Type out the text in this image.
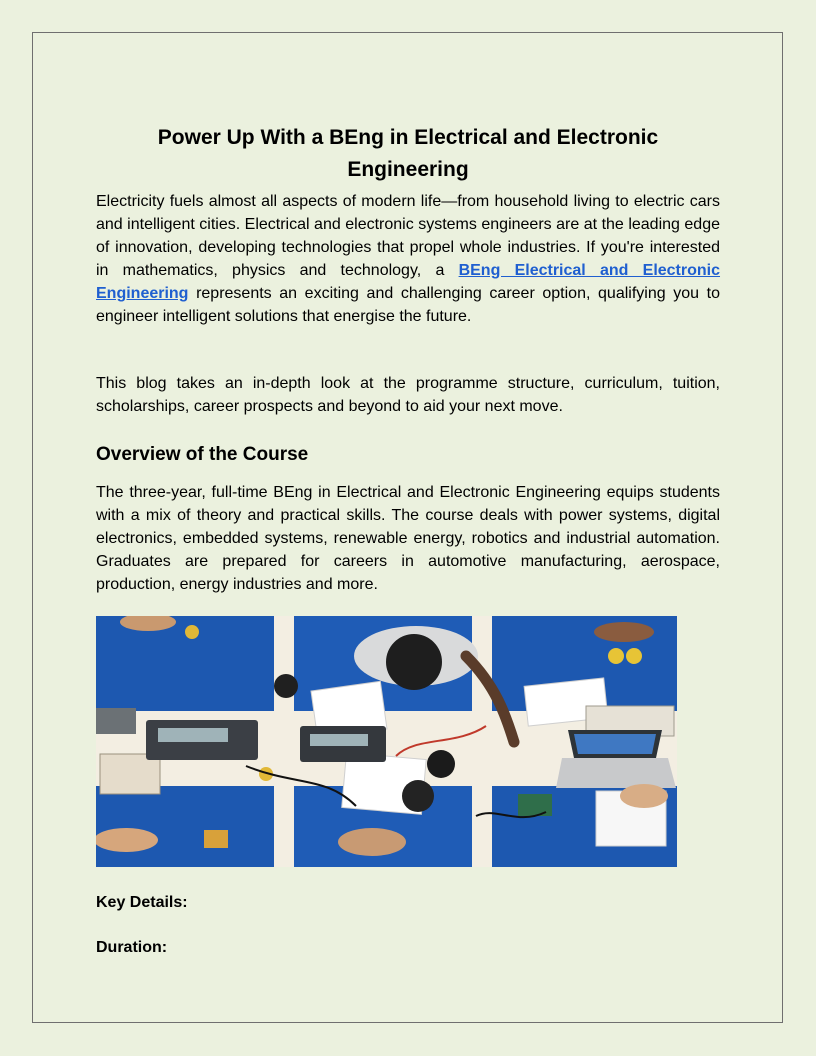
Power Up With a BEng in Electrical and Electronic Engineering

Electricity fuels almost all aspects of modern life—from household living to electric cars and intelligent cities. Electrical and electronic systems engineers are at the leading edge of innovation, developing technologies that propel whole industries. If you're interested in mathematics, physics and technology, a BEng Electrical and Electronic Engineering represents an exciting and challenging career option, qualifying you to engineer intelligent solutions that energise the future.

This blog takes an in-depth look at the programme structure, curriculum, tuition, scholarships, career prospects and beyond to aid your next move.

Overview of the Course

The three-year, full-time BEng in Electrical and Electronic Engineering equips students with a mix of theory and practical skills. The course deals with power systems, digital electronics, embedded systems, renewable energy, robotics and industrial automation. Graduates are prepared for careers in automotive manufacturing, aerospace, production, energy industries and more.

Key Details:

Duration:
